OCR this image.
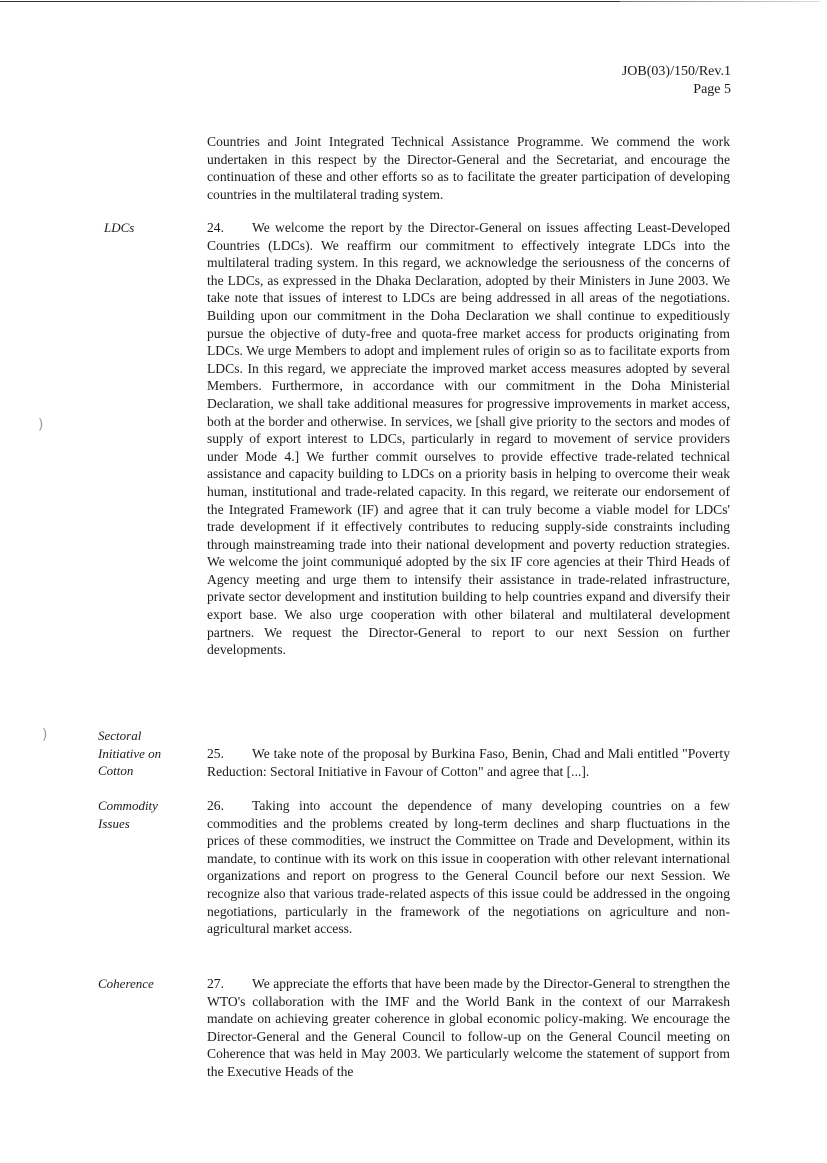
)
)
JOB(03)/150/Rev.1
Page 5
Countries and Joint Integrated Technical Assistance Programme. We commend the work undertaken in this respect by the Director-General and the Secretariat, and encourage the continuation of these and other efforts so as to facilitate the greater participation of developing countries in the multilateral trading system.
LDCs	24. We welcome the report by the Director-General on issues affecting Least-Developed Countries (LDCs). We reaffirm our commitment to effectively integrate LDCs into the multilateral trading system. In this regard, we acknowledge the seriousness of the concerns of the LDCs, as expressed in the Dhaka Declaration, adopted by their Ministers in June 2003. We take note that issues of interest to LDCs are being addressed in all areas of the negotiations. Building upon our commitment in the Doha Declaration we shall continue to expeditiously pursue the objective of duty-free and quota-free market access for products originating from LDCs. We urge Members to adopt and implement rules of origin so as to facilitate exports from LDCs. In this regard, we appreciate the improved market access measures adopted by several Members. Furthermore, in accordance with our commitment in the Doha Ministerial Declaration, we shall take additional measures for progressive improvements in market access, both at the border and otherwise. In services, we [shall give priority to the sectors and modes of supply of export interest to LDCs, particularly in regard to movement of service providers under Mode 4.] We further commit ourselves to provide effective trade-related technical assistance and capacity building to LDCs on a priority basis in helping to overcome their weak human, institutional and trade-related capacity. In this regard, we reiterate our endorsement of the Integrated Framework (IF) and agree that it can truly become a viable model for LDCs' trade development if it effectively contributes to reducing supply-side constraints including through mainstreaming trade into their national development and poverty reduction strategies. We welcome the joint communiqué adopted by the six IF core agencies at their Third Heads of Agency meeting and urge them to intensify their assistance in trade-related infrastructure, private sector development and institution building to help countries expand and diversify their export base. We also urge cooperation with other bilateral and multilateral development partners. We request the Director-General to report to our next Session on further developments.
Sectoral Initiative on Cotton
25. We take note of the proposal by Burkina Faso, Benin, Chad and Mali entitled "Poverty Reduction: Sectoral Initiative in Favour of Cotton" and agree that [...].
Commodity Issues
26. Taking into account the dependence of many developing countries on a few commodities and the problems created by long-term declines and sharp fluctuations in the prices of these commodities, we instruct the Committee on Trade and Development, within its mandate, to continue with its work on this issue in cooperation with other relevant international organizations and report on progress to the General Council before our next Session. We recognize also that various trade-related aspects of this issue could be addressed in the ongoing negotiations, particularly in the framework of the negotiations on agriculture and non-agricultural market access.
Coherence	27. We appreciate the efforts that have been made by the Director-General to strengthen the WTO's collaboration with the IMF and the World Bank in the context of our Marrakesh mandate on achieving greater coherence in global economic policy-making. We encourage the Director-General and the General Council to follow-up on the General Council meeting on Coherence that was held in May 2003. We particularly welcome the statement of support from the Executive Heads of the
